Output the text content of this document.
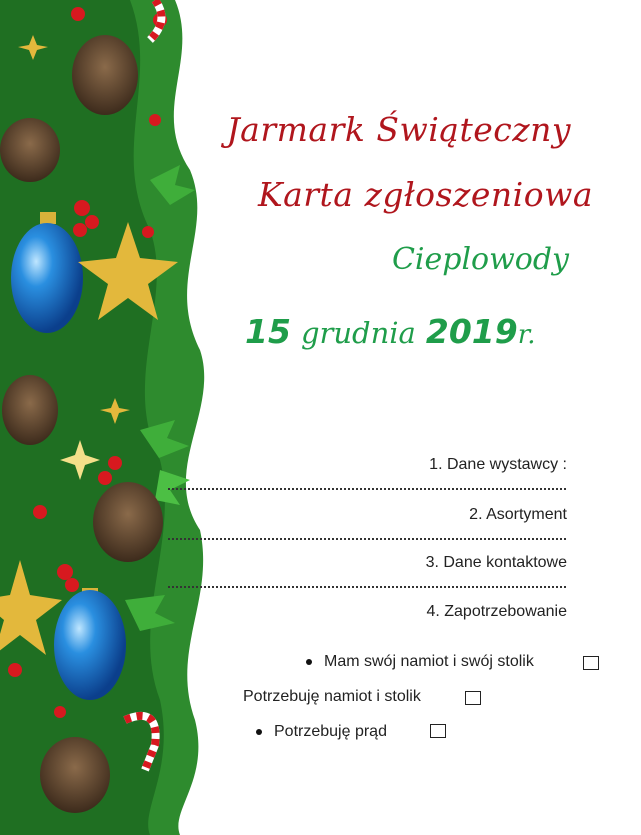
Jarmark Świąteczny
Karta zgłoszeniowa
Cieplowody
15 grudnia 2019r.
1. Dane wystawcy :
2. Asortyment
3. Dane kontaktowe
4. Zapotrzebowanie
Mam swój namiot i swój stolik
Potrzebuję namiot i stolik
Potrzebuję prąd
